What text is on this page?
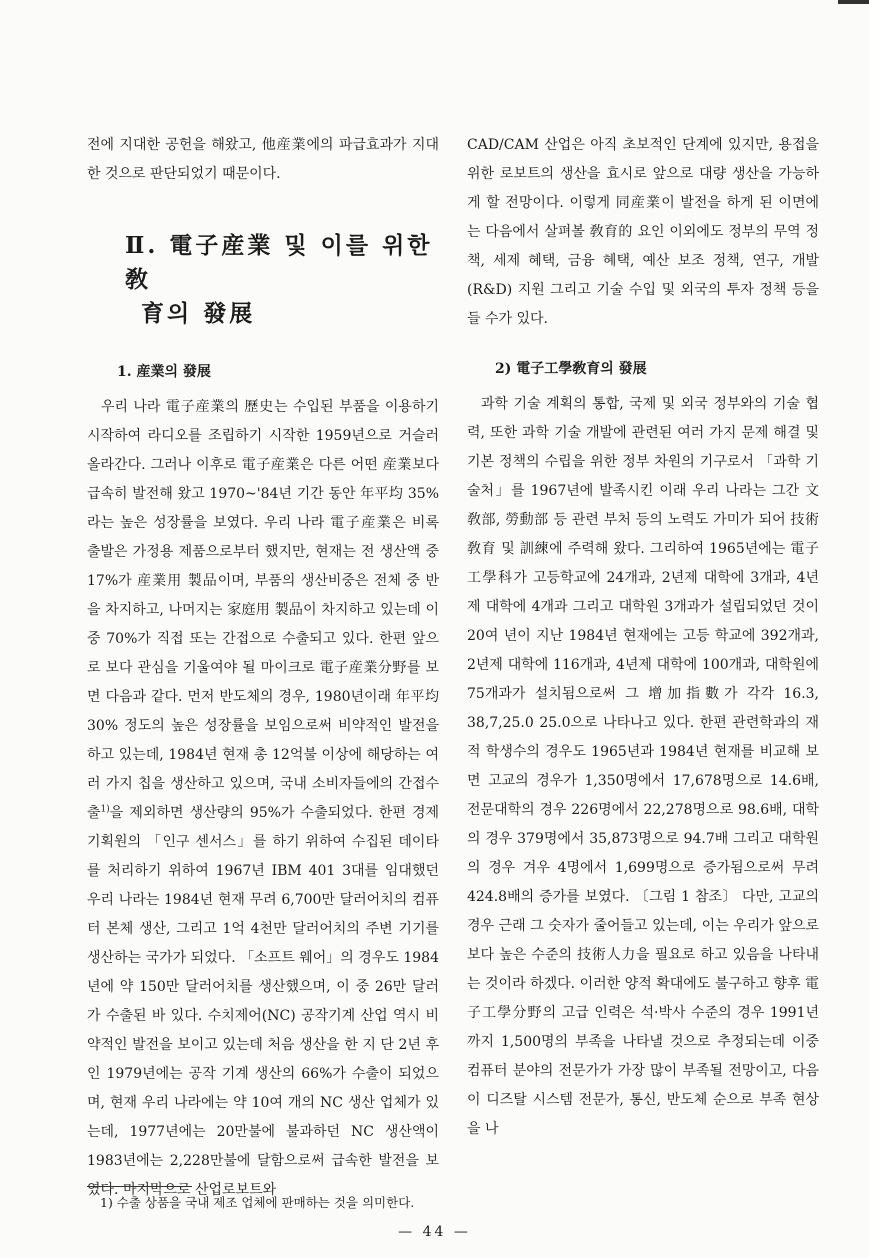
전에 지대한 공헌을 해왔고, 他産業에의 파급효과가 지대한 것으로 판단되었기 때문이다.

Ⅱ. 電子産業 및 이를 위한 敎
育의 發展
1. 産業의 發展

우리 나라 電子産業의 歷史는 수입된 부품을 이용하기 시작하여 라디오를 조립하기 시작한 1959년으로 거슬러 올라간다. 그러나 이후로 電子産業은 다른 어떤 産業보다 급속히 발전해 왔고 1970~'84년 기간 동안 年平均 35%라는 높은 성장률을 보였다. 우리 나라 電子産業은 비록 출발은 가정용 제품으로부터 했지만, 현재는 전 생산액 중 17%가 産業用 製品이며, 부품의 생산비중은 전체 중 반을 차지하고, 나머지는 家庭用 製品이 차지하고 있는데 이중 70%가 직접 또는 간접으로 수출되고 있다. 한편 앞으로 보다 관심을 기울여야 될 마이크로 電子産業分野를 보면 다음과 같다. 먼저 반도체의 경우, 1980년이래 年平均 30% 정도의 높은 성장률을 보임으로써 비약적인 발전을 하고 있는데, 1984년 현재 총 12억불 이상에 해당하는 여러 가지 칩을 생산하고 있으며, 국내 소비자들에의 간접수출$^{1)}$을 제외하면 생산량의 95%가 수출되었다. 한편 경제기획원의 「인구 센서스」를 하기 위하여 수집된 데이타를 처리하기 위하여 1967년 IBM 401 3대를 임대했던 우리 나라는 1984년 현재 무려 6,700만 달러어치의 컴퓨터 본체 생산, 그리고 1억 4천만 달러어치의 주변 기기를 생산하는 국가가 되었다. 「소프트 웨어」의 경우도 1984년에 약 150만 달러어치를 생산했으며, 이 중 26만 달러가 수출된 바 있다. 수치제어(NC) 공작기계 산업 역시 비약적인 발전을 보이고 있는데 처음 생산을 한 지 단 2년 후인 1979년에는 공작 기계 생산의 66%가 수출이 되었으며, 현재 우리 나라에는 약 10여 개의 NC 생산 업체가 있는데, 1977년에는 20만불에 불과하던 NC 생산액이 1983년에는 2,228만불에 달함으로써 급속한 발전을 보였다. 마지막으로 산업로보트와

CAD/CAM 산업은 아직 초보적인 단계에 있지만, 용접을 위한 로보트의 생산을 효시로 앞으로 대량 생산을 가능하게 할 전망이다. 이렇게 同産業이 발전을 하게 된 이면에는 다음에서 살펴볼 敎育的 요인 이외에도 정부의 무역 정책, 세제 혜택, 금융 혜택, 예산 보조 정책, 연구, 개발(R&D) 지원 그리고 기술 수입 및 외국의 투자 정책 등을 들 수가 있다.

2) 電子工學敎育의 發展

과학 기술 계획의 통합, 국제 및 외국 정부와의 기술 협력, 또한 과학 기술 개발에 관련된 여러 가지 문제 해결 및 기본 정책의 수립을 위한 정부 차원의 기구로서 「과학 기술처」를 1967년에 발족시킨 이래 우리 나라는 그간 文敎部, 勞動部 등 관련 부처 등의 노력도 가미가 되어 技術敎育 및 訓練에 주력해 왔다. 그리하여 1965년에는 電子工學科가 고등학교에 24개과, 2년제 대학에 3개과, 4년제 대학에 4개과 그리고 대학원 3개과가 설립되었던 것이 20여 년이 지난 1984년 현재에는 고등 학교에 392개과, 2년제 대학에 116개과, 4년제 대학에 100개과, 대학원에 75개과가 설치됨으로써 그 增加指數가 각각 16.3, 38,7,25.0 25.0으로 나타나고 있다. 한편 관련학과의 재적 학생수의 경우도 1965년과 1984년 현재를 비교해 보면 고교의 경우가 1,350명에서 17,678명으로 14.6배, 전문대학의 경우 226명에서 22,278명으로 98.6배, 대학의 경우 379명에서 35,873명으로 94.7배 그리고 대학원의 경우 겨우 4명에서 1,699명으로 증가됨으로써 무려 424.8배의 증가를 보였다. 〔그림 1 참조〕 다만, 고교의 경우 근래 그 숫자가 줄어들고 있는데, 이는 우리가 앞으로 보다 높은 수준의 技術人力을 필요로 하고 있음을 나타내는 것이라 하겠다. 이러한 양적 확대에도 불구하고 향후 電子工學分野의 고급 인력은 석·박사 수준의 경우 1991년까지 1,500명의 부족을 나타낼 것으로 추정되는데 이중 컴퓨터 분야의 전문가가 가장 많이 부족될 전망이고, 다음이 디즈탈 시스템 전문가, 통신, 반도체 순으로 부족 현상을 나

1) 수출 상품을 국내 제조 업체에 판매하는 것을 의미한다.
— 44 —
